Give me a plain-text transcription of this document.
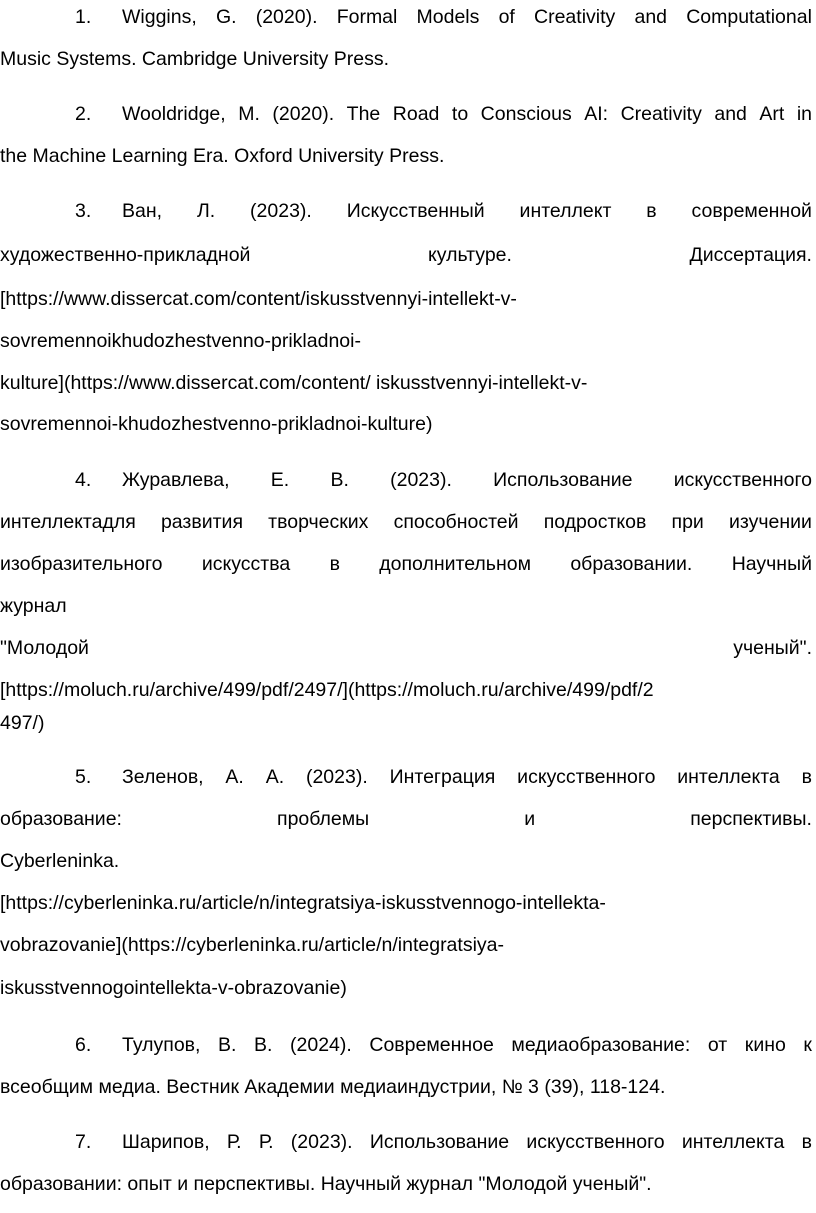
1.	Wiggins, G. (2020). Formal Models of Creativity and Computational
Music Systems. Cambridge University Press.
2.	Wooldridge, M. (2020). The Road to Conscious AI: Creativity and Art in
the Machine Learning Era. Oxford University Press.
3.	Ван, Л. (2023). Искусственный интеллект в современной
художественно-прикладной	культуре.	Диссертация.
[https://www.dissercat.com/content/iskusstvennyi-intellekt-v-
sovremennoikhudozhestvenno-prikladnoi-
kulture](https://www.dissercat.com/content/ iskusstvennyi-intellekt-v-
sovremennoi-khudozhestvenno-prikladnoi-kulture)
4.	Журавлева, Е. В. (2023). Использование искусственного
интеллектадля развития творческих способностей подростков при изучении
изобразительного искусства в дополнительном образовании. Научный
журнал
"Молодой	ученый".
[https://moluch.ru/archive/499/pdf/2497/](https://moluch.ru/archive/499/pdf/2
497/)
5.	Зеленов, А. А. (2023). Интеграция искусственного интеллекта в
образование:	проблемы	и	перспективы.
Cyberleninka.
[https://cyberleninka.ru/article/n/integratsiya-iskusstvennogo-intellekta-
vobrazovanie](https://cyberleninka.ru/article/n/integratsiya-
iskusstvennogointellekta-v-obrazovanie)
6.	Тулупов, В. В. (2024). Современное медиаобразование: от кино к
всеобщим медиа. Вестник Академии медиаиндустрии, № 3 (39), 118-124.
7.	Шарипов, Р. Р. (2023). Использование искусственного интеллекта в
образовании: опыт и перспективы. Научный журнал "Молодой ученый".
